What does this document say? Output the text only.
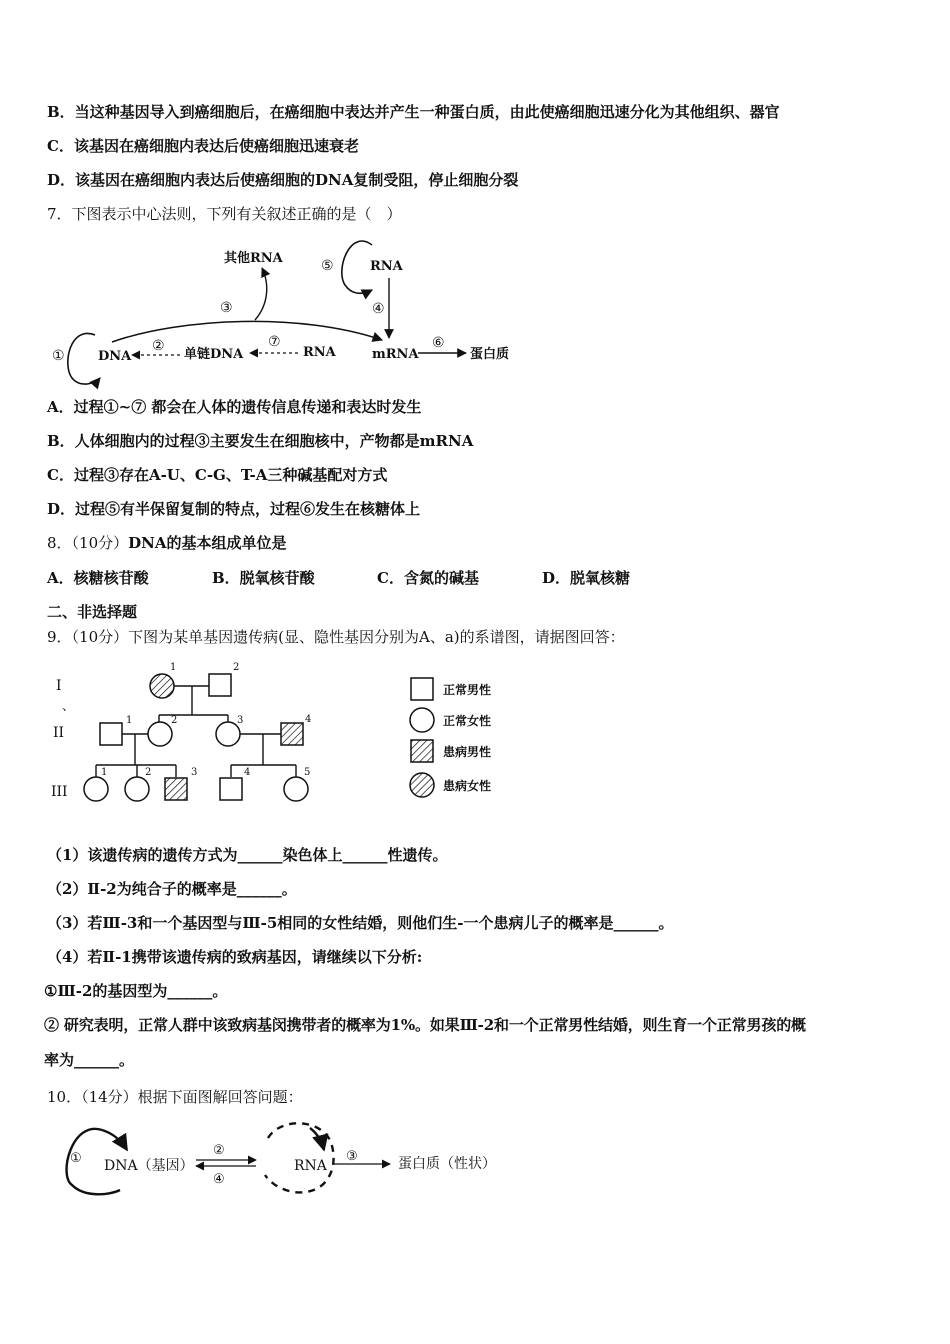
B．当这种基因导入到癌细胞后，在癌细胞中表达并产生一种蛋白质，由此使癌细胞迅速分化为其他组织、器官
C．该基因在癌细胞内表达后使癌细胞迅速衰老
D．该基因在癌细胞内表达后使癌细胞的DNA复制受阻，停止细胞分裂
7．下图表示中心法则，下列有关叙述正确的是（　）
①	DNA
②
单链DNA
⑦
RNA
③
其他RNA	⑤	RNA
④
mRNA
⑥
蛋白质
A．过程①~⑦ 都会在人体的遗传信息传递和表达时发生
B．人体细胞内的过程③主要发生在细胞核中，产物都是mRNA
C．过程③存在A-U、C-G、T-A三种碱基配对方式
D．过程⑤有半保留复制的特点，过程⑥发生在核糖体上
8．（10分）DNA的基本组成单位是
A．核糖核苷酸	B．脱氧核苷酸	C．含氮的碱基	D．脱氧核糖
二、非选择题
9．（10分）下图为某单基因遗传病(显、隐性基因分别为A、a)的系谱图，请据图回答：
I
、
II
III
1	2
1	2	3	4
1	2	3	4	5
正常男性
正常女性
患病男性
患病女性
（1）该遗传病的遗传方式为______染色体上______性遗传。
（2）Ⅱ-2为纯合子的概率是______。
（3）若Ⅲ-3和一个基因型与Ⅲ-5相同的女性结婚，则他们生-一个患病儿子的概率是______。
（4）若Ⅱ-1携带该遗传病的致病基因，请继续以下分析:
①Ⅲ-2的基因型为______。
② 研究表明，正常人群中该致病基闵携带者的概率为1%。如果Ⅲ-2和一个正常男性结婚，则生育一个正常男孩的概
率为______。
10．（14分）根据下面图解回答问题：
① DNA（基因）
②
④
RNA
③	蛋白质（性状）
